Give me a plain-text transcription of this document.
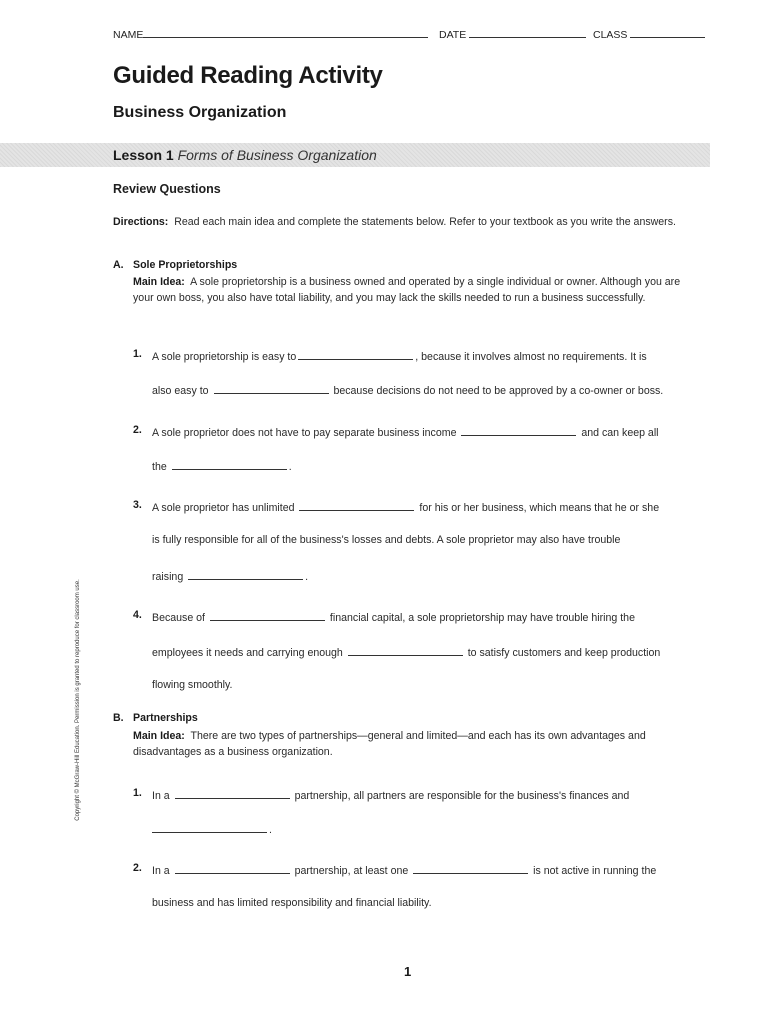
NAME	DATE	CLASS
Guided Reading Activity
Business Organization
Lesson 1 Forms of Business Organization

Review Questions

Directions: Read each main idea and complete the statements below. Refer to your textbook as you write the answers.
A. Sole Proprietorships
Main Idea: A sole proprietorship is a business owned and operated by a single individual or owner. Although you are your own boss, you also have total liability, and you may lack the skills needed to run a business successfully.
1. A sole proprietorship is easy to	, because it involves almost no requirements. It is
also easy to	because decisions do not need to be approved by a co-owner or boss.
2. A sole proprietor does not have to pay separate business income	and can keep all
the	.
3. A sole proprietor has unlimited	for his or her business, which means that he or she
is fully responsible for all of the business's losses and debts. A sole proprietor may also have trouble
raising	.
4. Because of	financial capital, a sole proprietorship may have trouble hiring the
employees it needs and carrying enough	to satisfy customers and keep production
flowing smoothly.
B. Partnerships
Main Idea: There are two types of partnerships—general and limited—and each has its own advantages and disadvantages as a business organization.
1. In a	partnership, all partners are responsible for the business's finances and
.
2. In a	partnership, at least one	is not active in running the
business and has limited responsibility and financial liability.
Copyright © McGraw-Hill Education. Permission is granted to reproduce for classroom use.
1
